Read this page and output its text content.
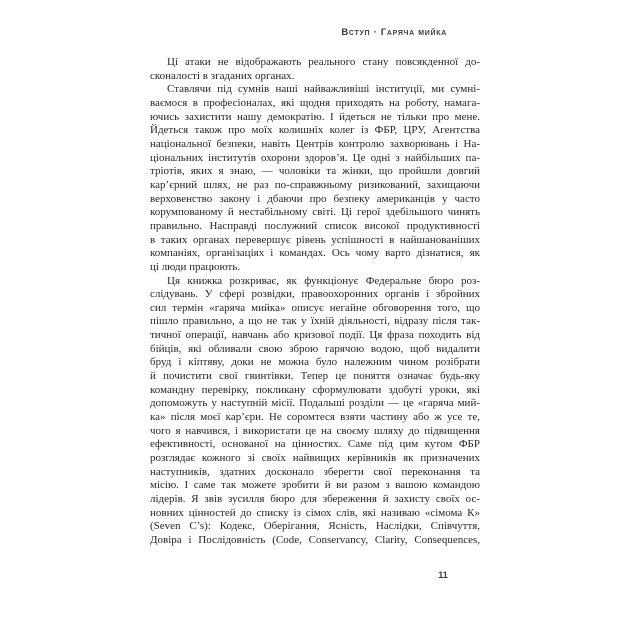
Вступ · Гаряча мийка
Ці атаки не відображають реального стану повсякденної до-
сконалості в згаданих органах.
Ставлячи під сумнів наші найважливіші інституції, ми сумні-
ваємося в професіоналах, які щодня приходять на роботу, намага-
ючись захистити нашу демократію. І йдеться не тільки про мене.
Йдеться також про моїх колишніх колег із ФБР, ЦРУ, Агентства
національної безпеки, навіть Центрів контролю захворювань і На-
ціональних інститутів охорони здоров’я. Це одні з найбільших па-
тріотів, яких я знаю, — чоловіки та жінки, що пройшли довгий
кар’єрний шлях, не раз по-справжньому ризикований, захищаючи
верховенство закону і дбаючи про безпеку американців у часто
корумпованому й нестабільному світі. Ці герої здебільшого чинять
правильно. Насправді послужний список високої продуктивності
в таких органах перевершує рівень успішності в найшанованіших
компаніях, організаціях і командах. Ось чому варто дізнатися, як
ці люди працюють.
Ця книжка розкриває, як функціонує Федеральне бюро роз-
слідувань. У сфері розвідки, правоохоронних органів і збройних
сил термін «гаряча мийка» описує негайне обговорення того, що
пішло правильно, а що не так у їхній діяльності, відразу після так-
тичної операції, навчань або кризової події. Ця фраза походить від
бійців, які обливали свою зброю гарячою водою, щоб видалити
бруд і кіптяву, доки не можна було належним чином розібрати
й почистити свої гвинтівки. Тепер це поняття означає будь-яку
командну перевірку, покликану сформулювати здобуті уроки, які
допоможуть у наступній місії. Подальші розділи — це «гаряча мий-
ка» після моєї кар’єри. Не соромтеся взяти частину або ж усе те,
чого я навчився, і використати це на своєму шляху до підвищення
ефективності, основаної на цінностях. Саме під цим кутом ФБР
розглядає кожного зі своїх найвищих керівників як призначених
наступників, здатних досконало зберегти свої переконання та
місію. І саме так можете зробити й ви разом з вашою командою
лідерів. Я звів зусилля бюро для збереження й захисту своїх ос-
новних цінностей до списку із сімох слів, які називаю «сімома К»
(Seven C’s): Кодекс, Оберігання, Ясність, Наслідки, Співчуття,
Довіра і Послідовність (Code, Conservancy, Clarity, Consequences,
11
